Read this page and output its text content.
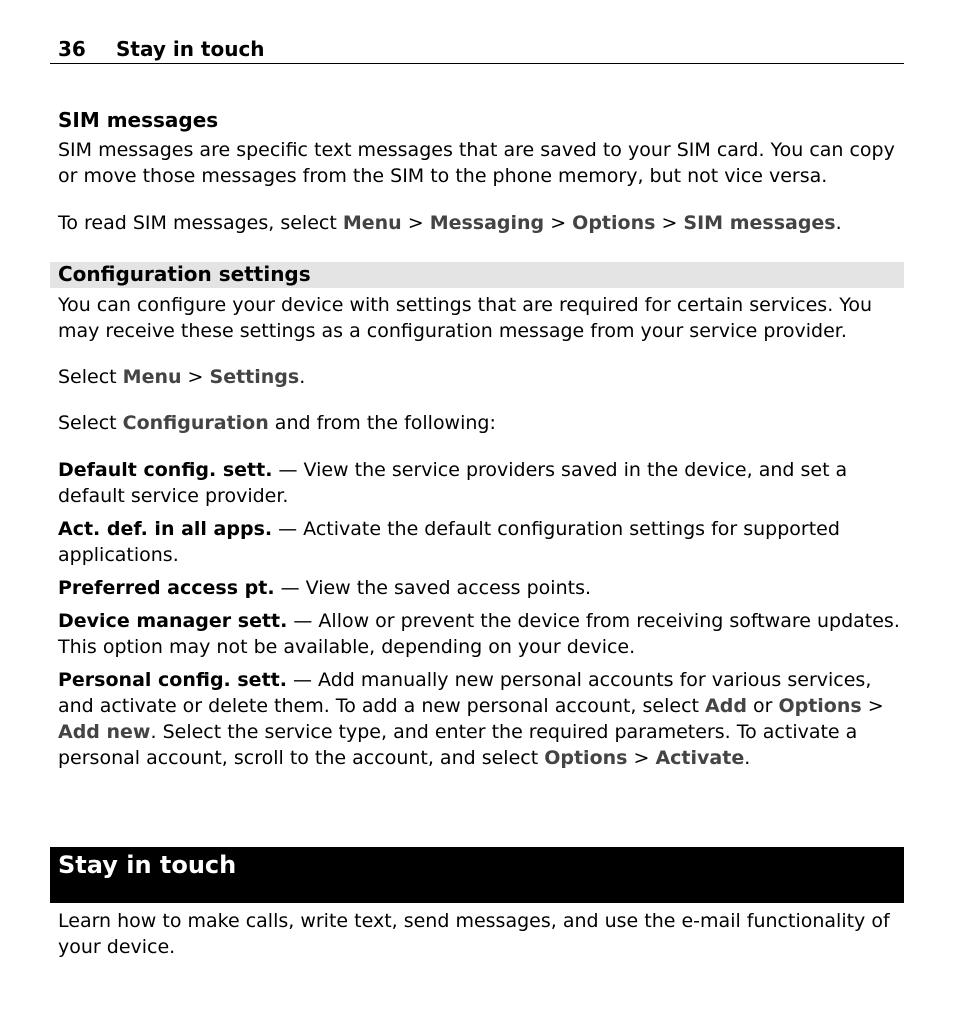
36 Stay in touch

SIM messages

SIM messages are specific text messages that are saved to your SIM card. You can copy or move those messages from the SIM to the phone memory, but not vice versa.

To read SIM messages, select Menu > Messaging > Options > SIM messages.

Configuration settings

You can configure your device with settings that are required for certain services. You may receive these settings as a configuration message from your service provider.

Select Menu > Settings.

Select Configuration and from the following:

Default config. sett. — View the service providers saved in the device, and set a default service provider.

Act. def. in all apps. — Activate the default configuration settings for supported applications.

Preferred access pt. — View the saved access points.

Device manager sett. — Allow or prevent the device from receiving software updates. This option may not be available, depending on your device.

Personal config. sett. — Add manually new personal accounts for various services, and activate or delete them. To add a new personal account, select Add or Options > Add new. Select the service type, and enter the required parameters. To activate a personal account, scroll to the account, and select Options > Activate.

Stay in touch

Learn how to make calls, write text, send messages, and use the e-mail functionality of your device.
